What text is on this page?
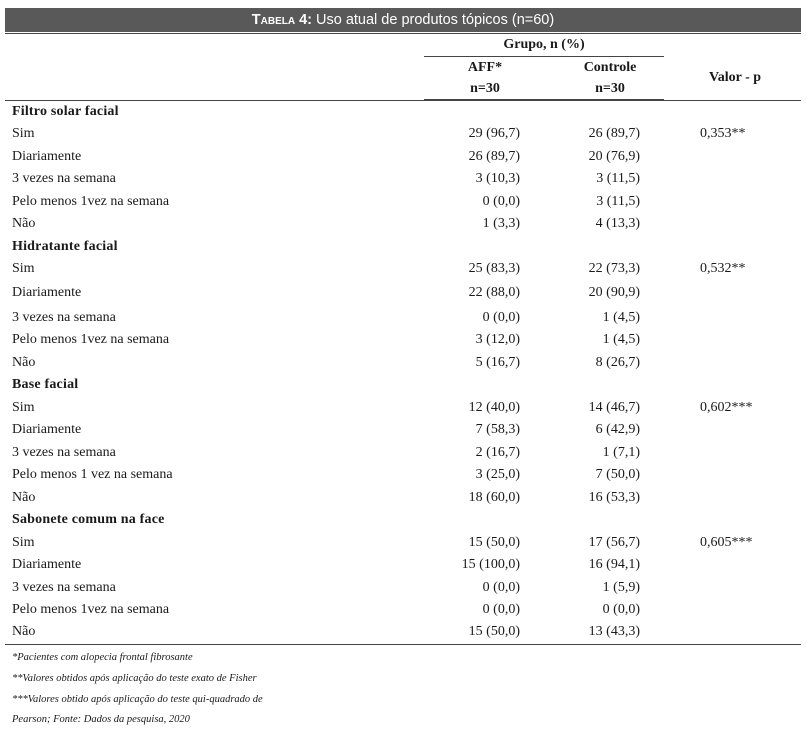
Tabela 4: Uso atual de produtos tópicos (n=60)
Grupo, n (%)
AFF*
n=30
Controle
n=30
Valor - p
Filtro solar facial
Sim	29 (96,7)	26 (89,7)	0,353**
Diariamente	26 (89,7)	20 (76,9)
3 vezes na semana	3 (10,3)	3 (11,5)
Pelo menos 1vez na semana	0 (0,0)	3 (11,5)
Não	1 (3,3)	4 (13,3)
Hidratante facial
Sim	25 (83,3)	22 (73,3)	0,532**
Diariamente	22 (88,0)	20 (90,9)
3 vezes na semana	0 (0,0)	1 (4,5)
Pelo menos 1vez na semana	3 (12,0)	1 (4,5)
Não	5 (16,7)	8 (26,7)
Base facial
Sim	12 (40,0)	14 (46,7)	0,602***
Diariamente	7 (58,3)	6 (42,9)
3 vezes na semana	2 (16,7)	1 (7,1)
Pelo menos 1 vez na semana	3 (25,0)	7 (50,0)
Não	18 (60,0)	16 (53,3)
Sabonete comum na face
Sim	15 (50,0)	17 (56,7)	0,605***
Diariamente	15 (100,0)	16 (94,1)
3 vezes na semana	0 (0,0)	1 (5,9)
Pelo menos 1vez na semana	0 (0,0)	0 (0,0)
Não	15 (50,0)	13 (43,3)
*Pacientes com alopecia frontal fibrosante
**Valores obtidos após aplicação do teste exato de Fisher
***Valores obtido após aplicação do teste qui-quadrado de
Pearson; Fonte: Dados da pesquisa, 2020
